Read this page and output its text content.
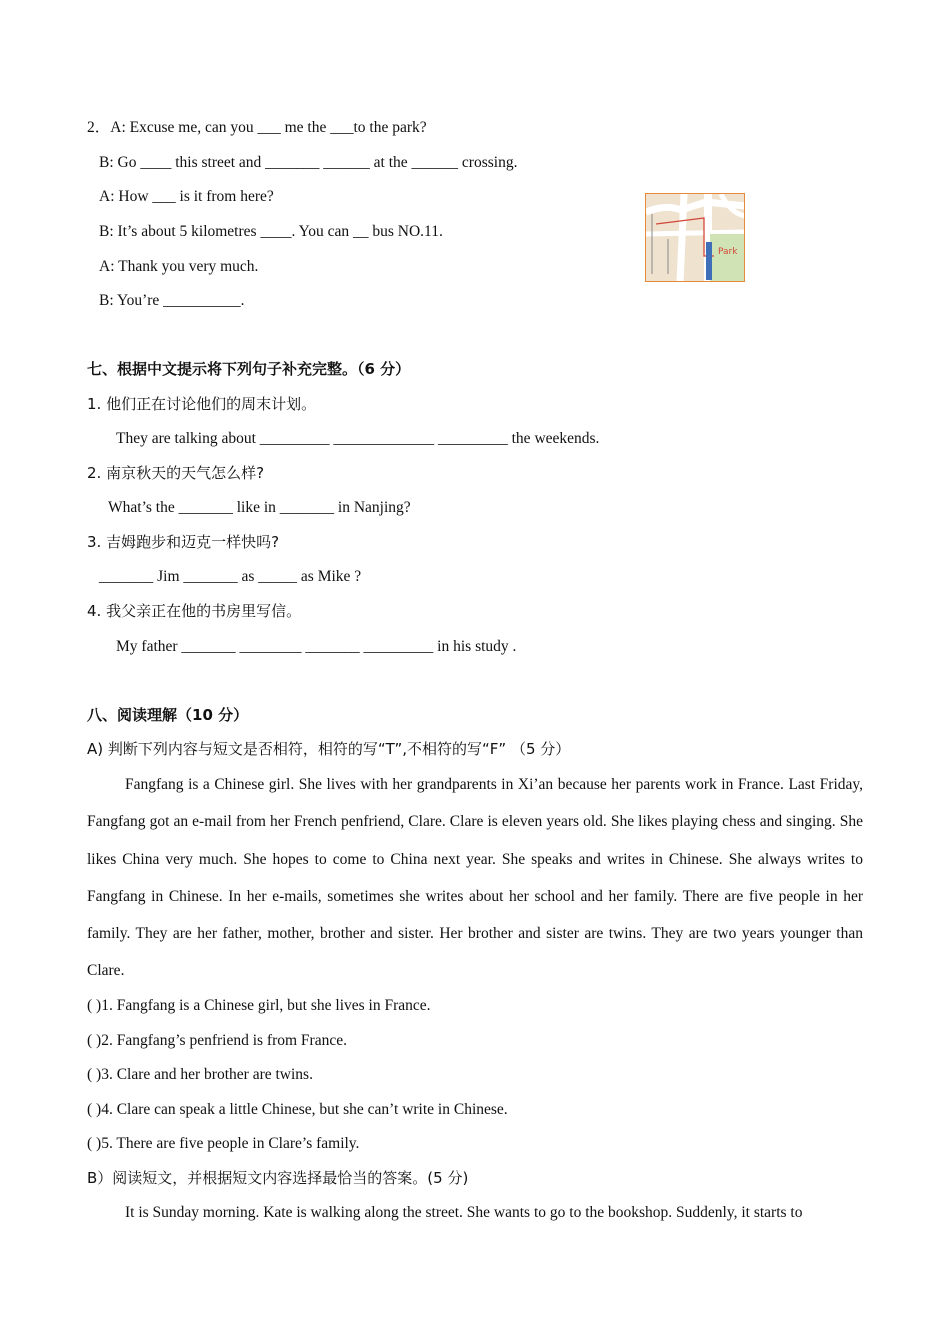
2．A: Excuse me, can you ___ me the ___to the park?
B: Go ____ this street and _______ ______ at the ______ crossing.
A: How ___ is it from here?
B: It’s about 5 kilometres ____. You can __ bus NO.11.
A: Thank you very much.
B: You’re __________.
Park
七、根据中文提示将下列句子补充完整。（6 分）
1. 他们正在讨论他们的周末计划。
They are talking about _________ _____________ _________ the weekends.
2. 南京秋天的天气怎么样?
What’s the _______ like in _______ in Nanjing?
3. 吉姆跑步和迈克一样快吗?
_______ Jim _______ as _____ as Mike ?
4. 我父亲正在他的书房里写信。
My father _______ ________ _______ _________ in his study .
八、阅读理解（10 分）
A) 判断下列内容与短文是否相符，相符的写“T”,不相符的写“F” （5 分）
Fangfang is a Chinese girl. She lives with her grandparents in Xi’an because her parents work in France. Last Friday, Fangfang got an e-mail from her French penfriend, Clare. Clare is eleven years old. She likes playing chess and singing. She likes China very much. She hopes to come to China next year. She speaks and writes in Chinese. She always writes to Fangfang in Chinese. In her e-mails, sometimes she writes about her school and her family. There are five people in her family. They are her father, mother, brother and sister. Her brother and sister are twins. They are two years younger than Clare.
( )1. Fangfang is a Chinese girl, but she lives in France.
( )2. Fangfang’s penfriend is from France.
( )3. Clare and her brother are twins.
( )4. Clare can speak a little Chinese, but she can’t write in Chinese.
( )5. There are five people in Clare’s family.
B）阅读短文，并根据短文内容选择最恰当的答案。(5 分)
It is Sunday morning. Kate is walking along the street. She wants to go to the bookshop. Suddenly, it starts to
